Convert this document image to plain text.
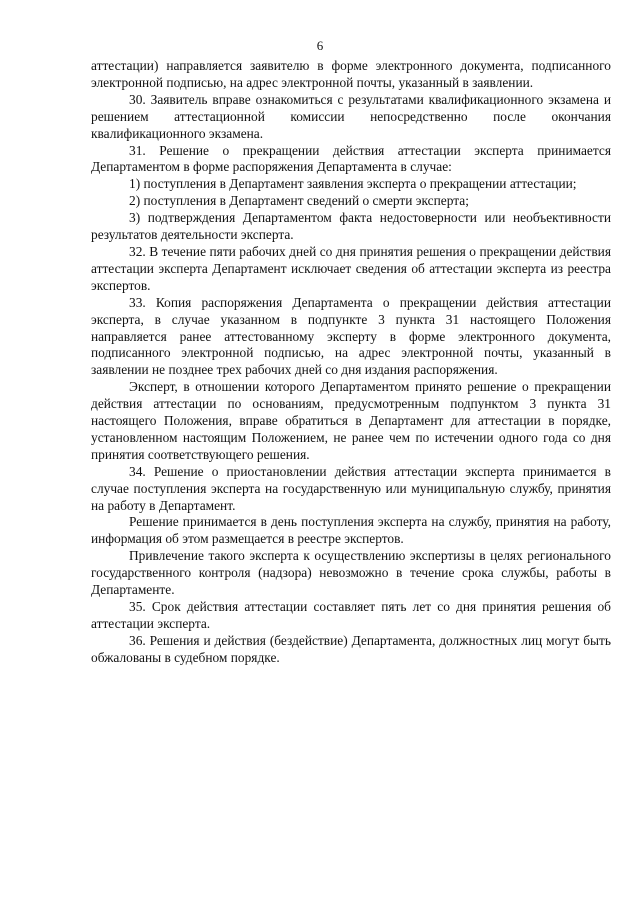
6

аттестации) направляется заявителю в форме электронного документа, подписанного электронной подписью, на адрес электронной почты, указанный в заявлении.

30. Заявитель вправе ознакомиться с результатами квалификационного экзамена и решением аттестационной комиссии непосредственно после окончания квалификационного экзамена.

31. Решение о прекращении действия аттестации эксперта принимается Департаментом в форме распоряжения Департамента в случае:

1) поступления в Департамент заявления эксперта о прекращении аттестации;

2) поступления в Департамент сведений о смерти эксперта;

3) подтверждения Департаментом факта недостоверности или необъективности результатов деятельности эксперта.

32. В течение пяти рабочих дней со дня принятия решения о прекращении действия аттестации эксперта Департамент исключает сведения об аттестации эксперта из реестра экспертов.

33. Копия распоряжения Департамента о прекращении действия аттестации эксперта, в случае указанном в подпункте 3 пункта 31 настоящего Положения направляется ранее аттестованному эксперту в форме электронного документа, подписанного электронной подписью, на адрес электронной почты, указанный в заявлении не позднее трех рабочих дней со дня издания распоряжения.

Эксперт, в отношении которого Департаментом принято решение о прекращении действия аттестации по основаниям, предусмотренным подпунктом 3 пункта 31 настоящего Положения, вправе обратиться в Департамент для аттестации в порядке, установленном настоящим Положением, не ранее чем по истечении одного года со дня принятия соответствующего решения.

34. Решение о приостановлении действия аттестации эксперта принимается в случае поступления эксперта на государственную или муниципальную службу, принятия на работу в Департамент.

Решение принимается в день поступления эксперта на службу, принятия на работу, информация об этом размещается в реестре экспертов.

Привлечение такого эксперта к осуществлению экспертизы в целях регионального государственного контроля (надзора) невозможно в течение срока службы, работы в Департаменте.

35. Срок действия аттестации составляет пять лет со дня принятия решения об аттестации эксперта.

36. Решения и действия (бездействие) Департамента, должностных лиц могут быть обжалованы в судебном порядке.
